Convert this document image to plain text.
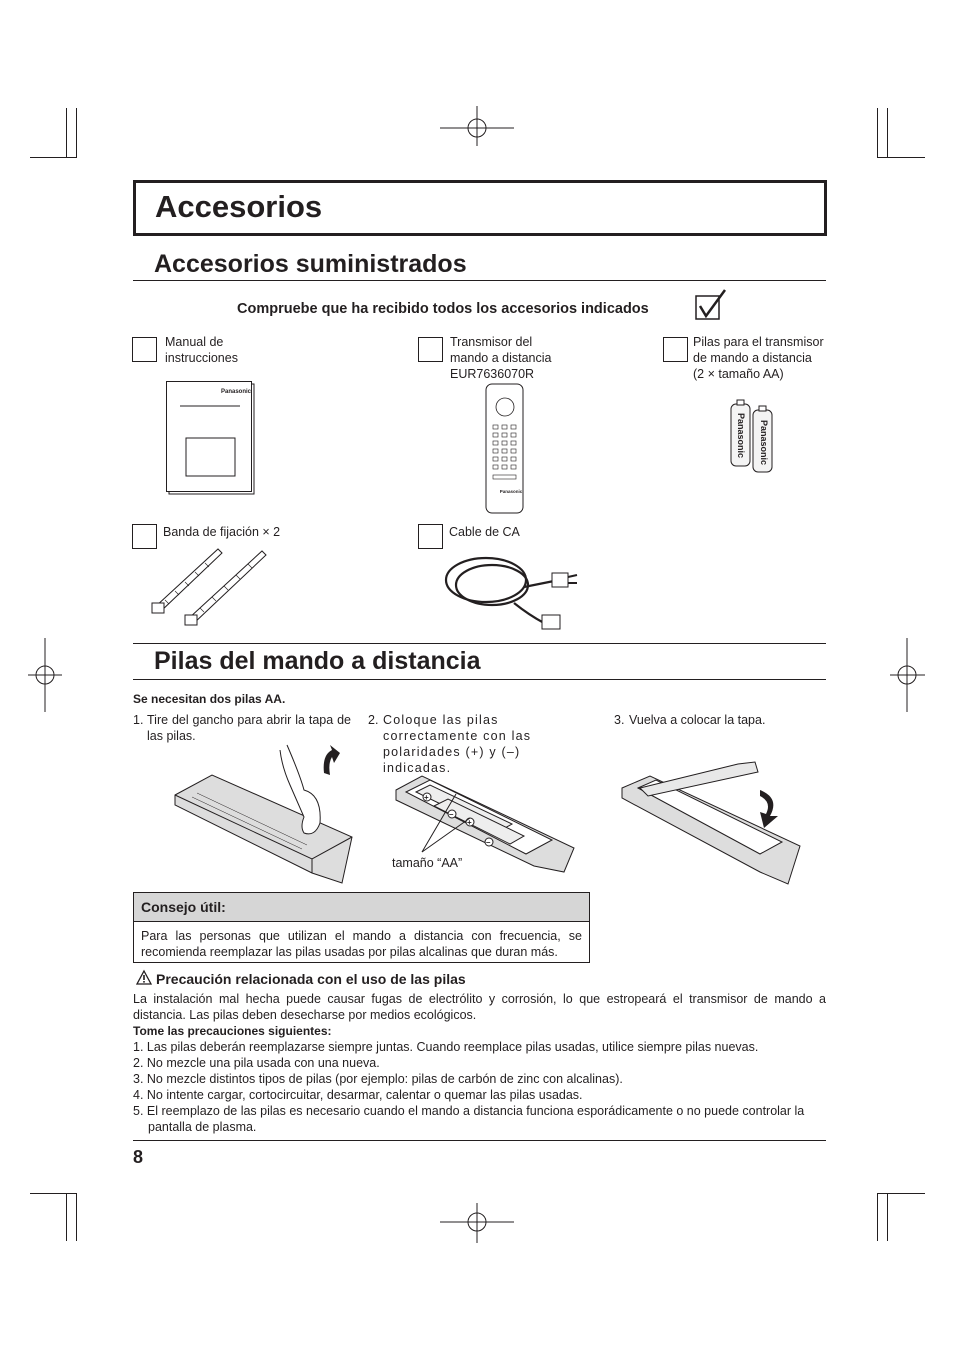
Accesorios
Accesorios suministrados
Compruebe que ha recibido todos los accesorios indicados
Manual de
instrucciones
Panasonic
Transmisor del
mando a distancia
EUR7636070R
Panasonic
Pilas para el transmisor
de mando a distancia
(2 × tamaño AA)
Panasonic Panasonic
Banda de fijación × 2	Cable de CA
Pilas del mando a distancia
Se necesitan dos pilas AA.
1. Tire del gancho para abrir la tapa de las pilas.
2. Coloque las pilas correctamente con las polaridades (+) y (–) indicadas.
3. Vuelva a colocar la tapa.
+
–
+
–
tamaño “AA”
Consejo útil:
Para las personas que utilizan el mando a distancia con frecuencia, se recomienda reemplazar las pilas usadas por pilas alcalinas que duran más.
Precaución relacionada con el uso de las pilas
La instalación mal hecha puede causar fugas de electrólito y corrosión, lo que estropeará el transmisor de mando a distancia. Las pilas deben desecharse por medios ecológicos.
Tome las precauciones siguientes:
1. Las pilas deberán reemplazarse siempre juntas. Cuando reemplace pilas usadas, utilice siempre pilas nuevas.
2. No mezcle una pila usada con una nueva.
3. No mezcle distintos tipos de pilas (por ejemplo: pilas de carbón de zinc con alcalinas).
4. No intente cargar, cortocircuitar, desarmar, calentar o quemar las pilas usadas.
5. El reemplazo de las pilas es necesario cuando el mando a distancia funciona esporádicamente o no puede controlar la pantalla de plasma.
8
